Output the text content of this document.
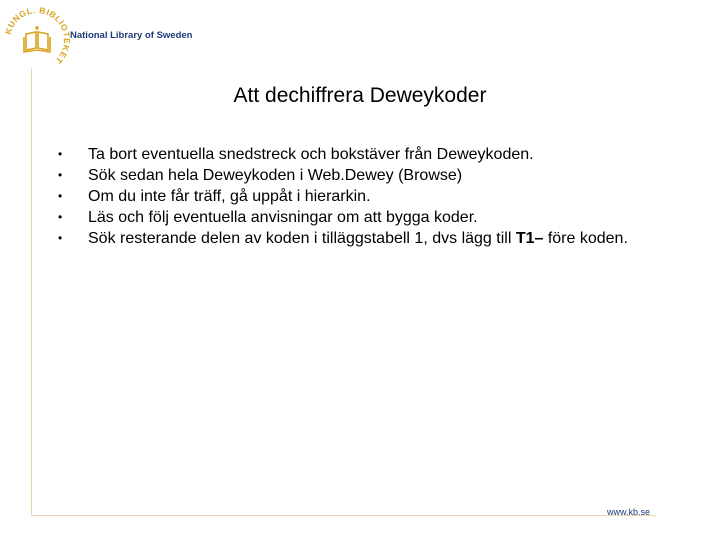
KUNGL. BIBLIOTEKET
National Library of Sweden
Att dechiffrera Deweykoder
• Ta bort eventuella snedstreck och bokstäver från Deweykoden.
• Sök sedan hela Deweykoden i Web.Dewey (Browse)
• Om du inte får träff, gå uppåt i hierarkin.
• Läs och följ eventuella anvisningar om att bygga koder.
• Sök resterande delen av koden i tilläggstabell 1, dvs lägg till T1– före koden.
www.kb.se
